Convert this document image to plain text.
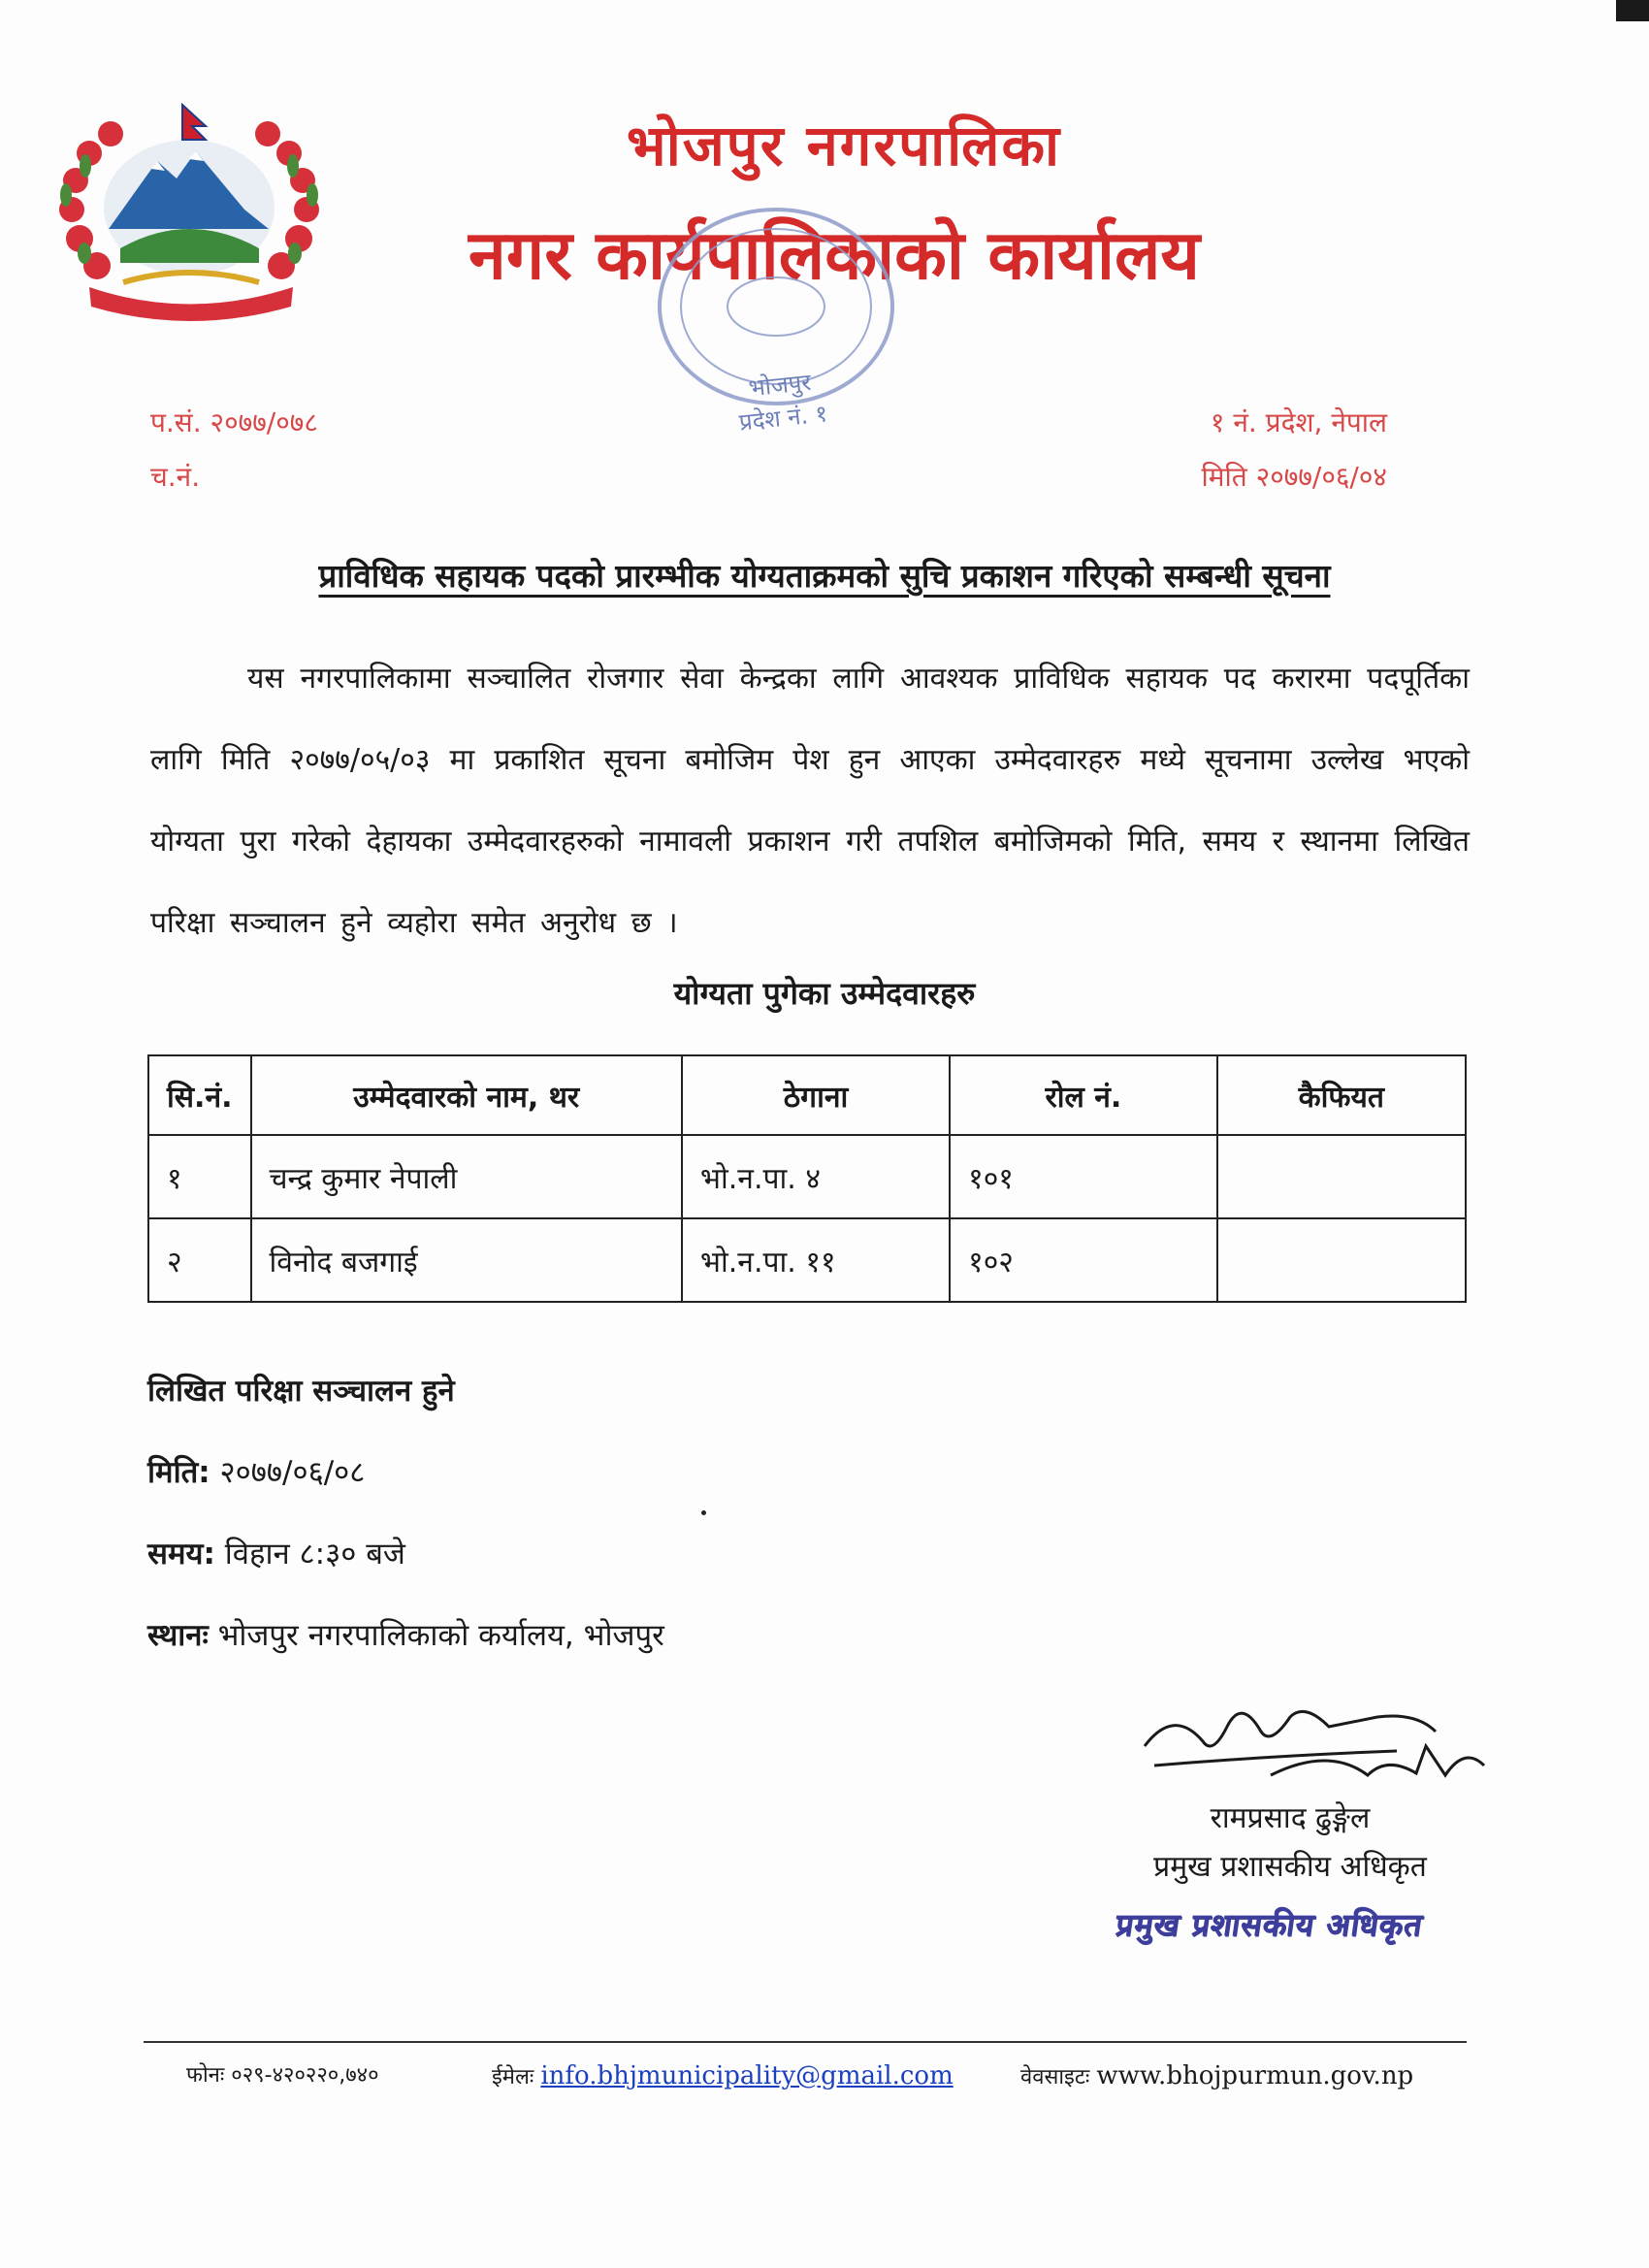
भोजपुर नगरपालिका
नगर कार्यपालिकाको कार्यालय
भोजपुर
प्रदेश नं. १
प.सं. २०७७/०७८
च.नं.
१ नं. प्रदेश, नेपाल
मिति २०७७/०६/०४
प्राविधिक सहायक पदको प्रारम्भीक योग्यताक्रमको सुचि प्रकाशन गरिएको सम्बन्धी सूचना
यस नगरपालिकामा सञ्चालित रोजगार सेवा केन्द्रका लागि आवश्यक प्राविधिक सहायक पद करारमा पदपूर्तिका लागि मिति २०७७/०५/०३ मा प्रकाशित सूचना बमोजिम पेश हुन आएका उम्मेदवारहरु मध्ये सूचनामा उल्लेख भएको योग्यता पुरा गरेको देहायका उम्मेदवारहरुको नामावली प्रकाशन गरी तपशिल बमोजिमको मिति, समय र स्थानमा लिखित परिक्षा सञ्चालन हुने व्यहोरा समेत अनुरोध छ ।
योग्यता पुगेका उम्मेदवारहरु
सि.नं.	उम्मेदवारको नाम, थर	ठेगाना	रोल नं.	कैफियत
१	चन्द्र कुमार नेपाली	भो.न.पा. ४	१०१	
२	विनोद बजगाई	भो.न.पा. ११	१०२	
लिखित परिक्षा सञ्चालन हुने
मिति: २०७७/०६/०८
समय: विहान ८:३० बजे
स्थानः भोजपुर नगरपालिकाको कर्यालय, भोजपुर
रामप्रसाद ढुङ्गेल
प्रमुख प्रशासकीय अधिकृत
प्रमुख प्रशासकीय अधिकृत
फोनः ०२९-४२०२२०,७४०	ईमेलः info.bhjmunicipality@gmail.com	वेवसाइटः www.bhojpurmun.gov.np
